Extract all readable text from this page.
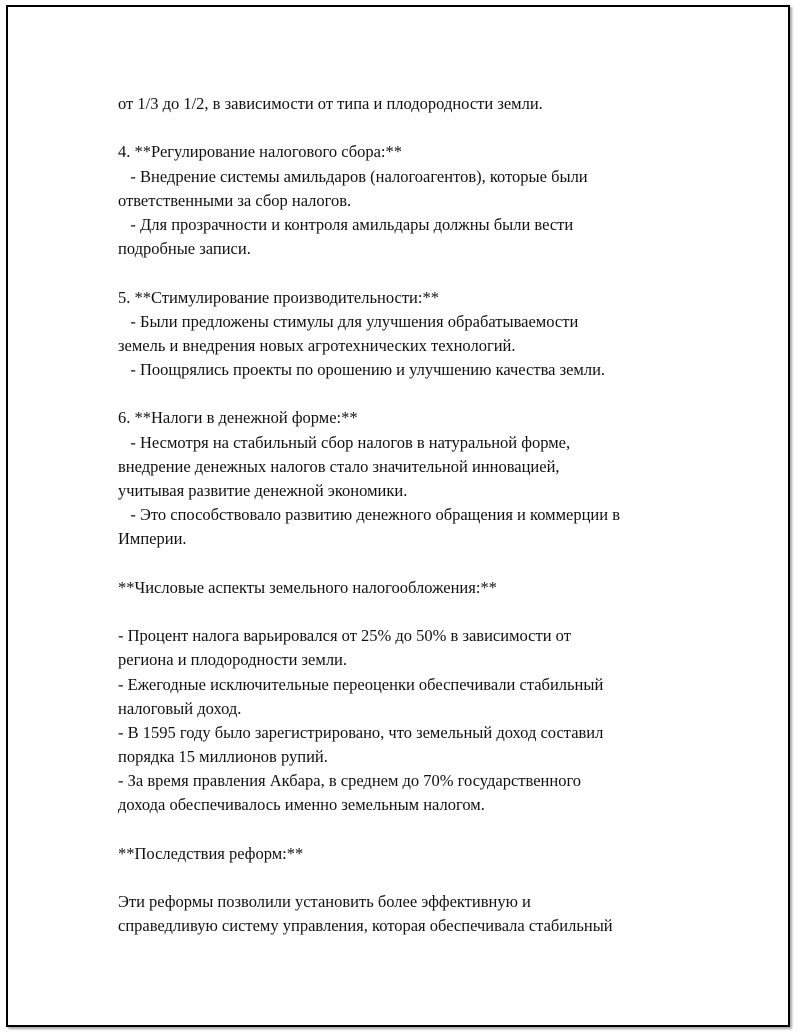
от 1/3 до 1/2, в зависимости от типа и плодородности земли.
4. **Регулирование налогового сбора:**
- Внедрение системы амильдаров (налогоагентов), которые были
ответственными за сбор налогов.
- Для прозрачности и контроля амильдары должны были вести
подробные записи.
5. **Стимулирование производительности:**
- Были предложены стимулы для улучшения обрабатываемости
земель и внедрения новых агротехнических технологий.
- Поощрялись проекты по орошению и улучшению качества земли.
6. **Налоги в денежной форме:**
- Несмотря на стабильный сбор налогов в натуральной форме,
внедрение денежных налогов стало значительной инновацией,
учитывая развитие денежной экономики.
- Это способствовало развитию денежного обращения и коммерции в
Империи.
**Числовые аспекты земельного налогообложения:**
- Процент налога варьировался от 25% до 50% в зависимости от
региона и плодородности земли.
- Ежегодные исключительные переоценки обеспечивали стабильный
налоговый доход.
- В 1595 году было зарегистрировано, что земельный доход составил
порядка 15 миллионов рупий.
- За время правления Акбара, в среднем до 70% государственного
дохода обеспечивалось именно земельным налогом.
**Последствия реформ:**
Эти реформы позволили установить более эффективную и
справедливую систему управления, которая обеспечивала стабильный
